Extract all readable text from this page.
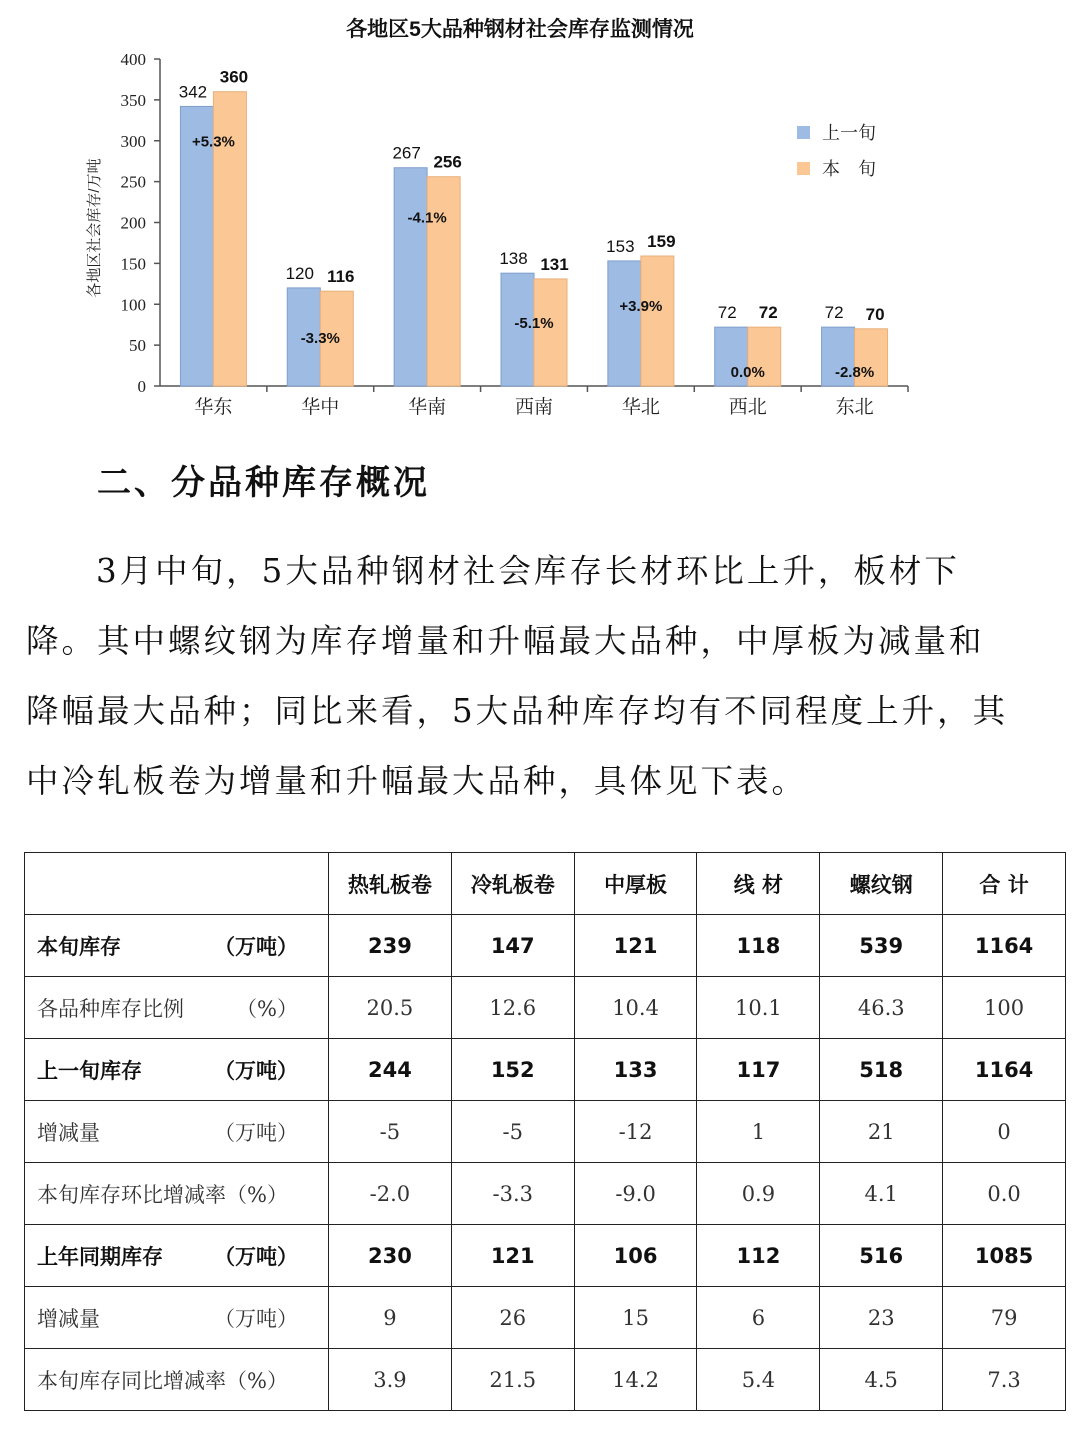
各地区5大品种钢材社会库存监测情况
各地区社会库存/万吨
0
50
100
150
200
250
300
350
400
342
360
+5.3%
华东
120 116
-3.3%
华中
267 256
-4.1%
华南
138 131
-5.1%
西南
153 159
+3.9%
华北
72 72
0.0%
西北
72 70
-2.8%
东北
上一旬
本　旬
二、分品种库存概况

3月中旬，5大品种钢材社会库存长材环比上升，板材下降。其中螺纹钢为库存增量和升幅最大品种，中厚板为减量和降幅最大品种；同比来看，5大品种库存均有不同程度上升，其中冷轧板卷为增量和升幅最大品种，具体见下表。

	热轧板卷	冷轧板卷	中厚板	线 材	螺纹钢	合 计
本旬库存 （万吨）	239	147	121	118	539	1164
各品种库存比例 （%）	20.5	12.6	10.4	10.1	46.3	100
上一旬库存 （万吨）	244	152	133	117	518	1164
增减量 （万吨）	-5	-5	-12	1	21	0
本旬库存环比增减率（%）	-2.0	-3.3	-9.0	0.9	4.1	0.0
上年同期库存 （万吨）	230	121	106	112	516	1085
增减量 （万吨）	9	26	15	6	23	79
本旬库存同比增减率（%）	3.9	21.5	14.2	5.4	4.5	7.3
